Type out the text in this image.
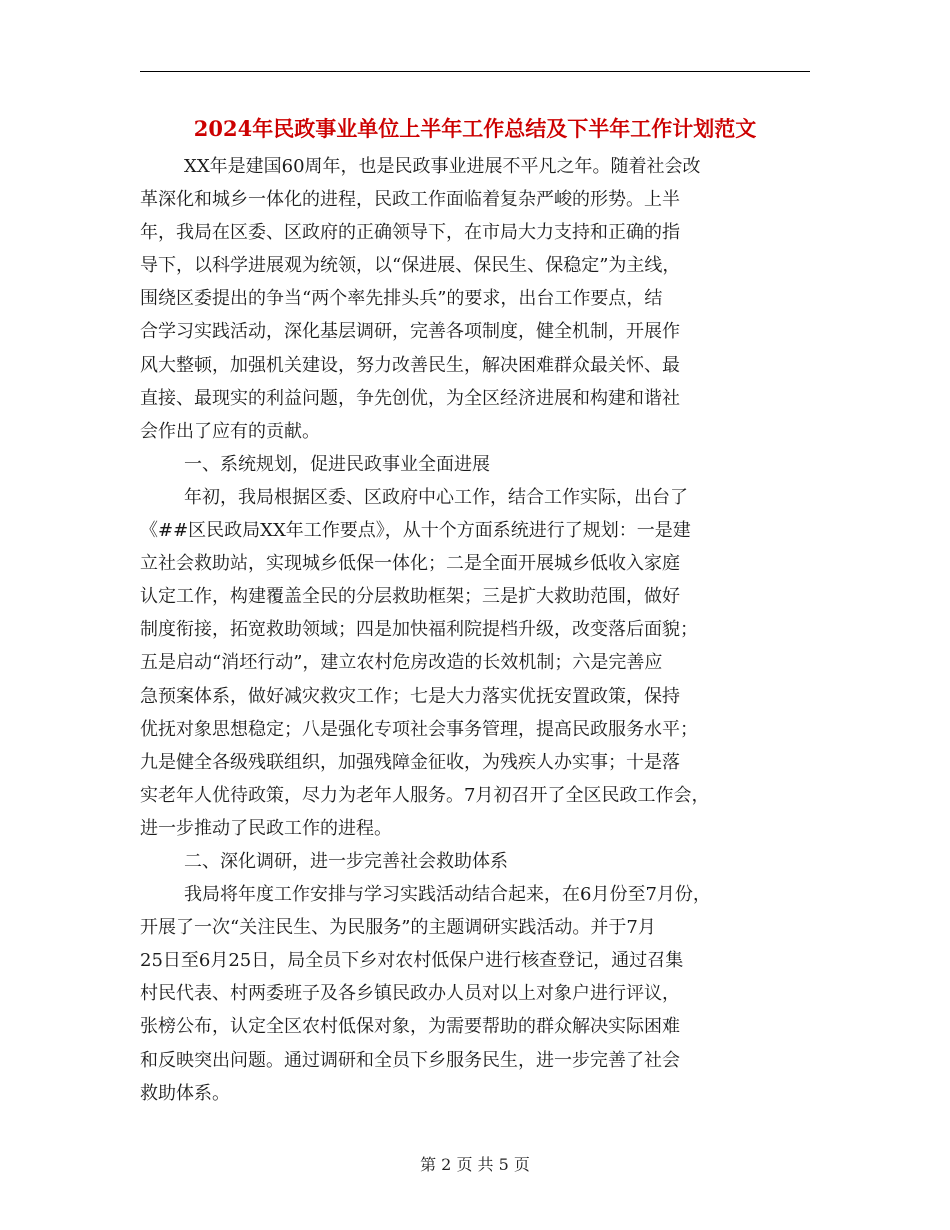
2024年民政事业单位上半年工作总结及下半年工作计划范文
XX年是建国60周年，也是民政事业进展不平凡之年。随着社会改
革深化和城乡一体化的进程，民政工作面临着复杂严峻的形势。上半
年，我局在区委、区政府的正确领导下，在市局大力支持和正确的指
导下，以科学进展观为统领，以“保进展、保民生、保稳定”为主线，
围绕区委提出的争当“两个率先排头兵”的要求，出台工作要点，结
合学习实践活动，深化基层调研，完善各项制度，健全机制，开展作
风大整顿，加强机关建设，努力改善民生，解决困难群众最关怀、最
直接、最现实的利益问题，争先创优，为全区经济进展和构建和谐社
会作出了应有的贡献。
一、系统规划，促进民政事业全面进展
年初，我局根据区委、区政府中心工作，结合工作实际，出台了
《##区民政局XX年工作要点》，从十个方面系统进行了规划：一是建
立社会救助站，实现城乡低保一体化；二是全面开展城乡低收入家庭
认定工作，构建覆盖全民的分层救助框架；三是扩大救助范围，做好
制度衔接，拓宽救助领域；四是加快福利院提档升级，改变落后面貌；
五是启动“消坯行动”，建立农村危房改造的长效机制；六是完善应
急预案体系，做好减灾救灾工作；七是大力落实优抚安置政策，保持
优抚对象思想稳定；八是强化专项社会事务管理，提高民政服务水平；
九是健全各级残联组织，加强残障金征收，为残疾人办实事；十是落
实老年人优待政策，尽力为老年人服务。7月初召开了全区民政工作会，
进一步推动了民政工作的进程。
二、深化调研，进一步完善社会救助体系
我局将年度工作安排与学习实践活动结合起来，在6月份至7月份，
开展了一次“关注民生、为民服务”的主题调研实践活动。并于7月
25日至6月25日，局全员下乡对农村低保户进行核查登记，通过召集
村民代表、村两委班子及各乡镇民政办人员对以上对象户进行评议，
张榜公布，认定全区农村低保对象，为需要帮助的群众解决实际困难
和反映突出问题。通过调研和全员下乡服务民生，进一步完善了社会
救助体系。
第 2 页 共 5 页
